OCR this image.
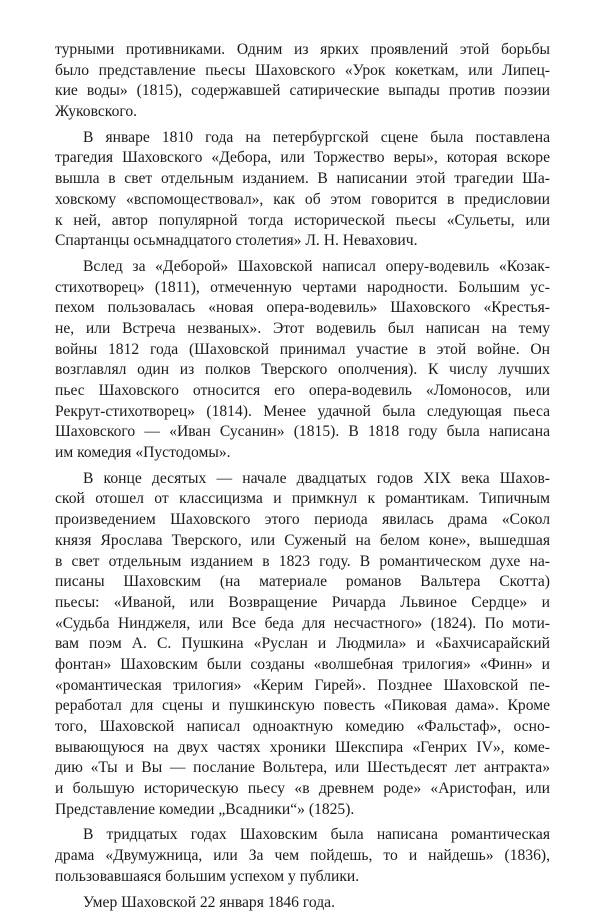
турными противниками. Одним из ярких проявлений этой борьбы
было представление пьесы Шаховского «Урок кокеткам, или Липец-
кие воды» (1815), содержавшей сатирические выпады против поэзии
Жуковского.
В январе 1810 года на петербургской сцене была поставлена
трагедия Шаховского «Дебора, или Торжество веры», которая вскоре
вышла в свет отдельным изданием. В написании этой трагедии Ша-
ховскому «вспомоществовал», как об этом говорится в предисловии
к ней, автор популярной тогда исторической пьесы «Сульеты, или
Спартанцы осьмнадцатого столетия» Л. Н. Невахович.
Вслед за «Деборой» Шаховской написал оперу-водевиль «Козак-
стихотворец» (1811), отмеченную чертами народности. Большим ус-
пехом пользовалась «новая опера-водевиль» Шаховского «Крестья-
не, или Встреча незваных». Этот водевиль был написан на тему
войны 1812 года (Шаховской принимал участие в этой войне. Он
возглавлял один из полков Тверского ополчения). К числу лучших
пьес Шаховского относится его опера-водевиль «Ломоносов, или
Рекрут-стихотворец» (1814). Менее удачной была следующая пьеса
Шаховского — «Иван Сусанин» (1815). В 1818 году была написана
им комедия «Пустодомы».
В конце десятых — начале двадцатых годов XIX века Шахов-
ской отошел от классицизма и примкнул к романтикам. Типичным
произведением Шаховского этого периода явилась драма «Сокол
князя Ярослава Тверского, или Суженый на белом коне», вышедшая
в свет отдельным изданием в 1823 году. В романтическом духе на-
писаны Шаховским (на материале романов Вальтера Скотта)
пьесы: «Иваной, или Возвращение Ричарда Львиное Сердце» и
«Судьба Нинджеля, или Все беда для несчастного» (1824). По моти-
вам поэм А. С. Пушкина «Руслан и Людмила» и «Бахчисарайский
фонтан» Шаховским были созданы «волшебная трилогия» «Финн» и
«романтическая трилогия» «Керим Гирей». Позднее Шаховской пе-
реработал для сцены и пушкинскую повесть «Пиковая дама». Кроме
того, Шаховской написал одноактную комедию «Фальстаф», осно-
вывающуюся на двух частях хроники Шекспира «Генрих IV», коме-
дию «Ты и Вы — послание Вольтера, или Шестьдесят лет антракта»
и большую историческую пьесу «в древнем роде» «Аристофан, или
Представление комедии „Всадники“» (1825).
В тридцатых годах Шаховским была написана романтическая
драма «Двумужница, или За чем пойдешь, то и найдешь» (1836),
пользовавшаяся большим успехом у публики.
Умер Шаховской 22 января 1846 года.
